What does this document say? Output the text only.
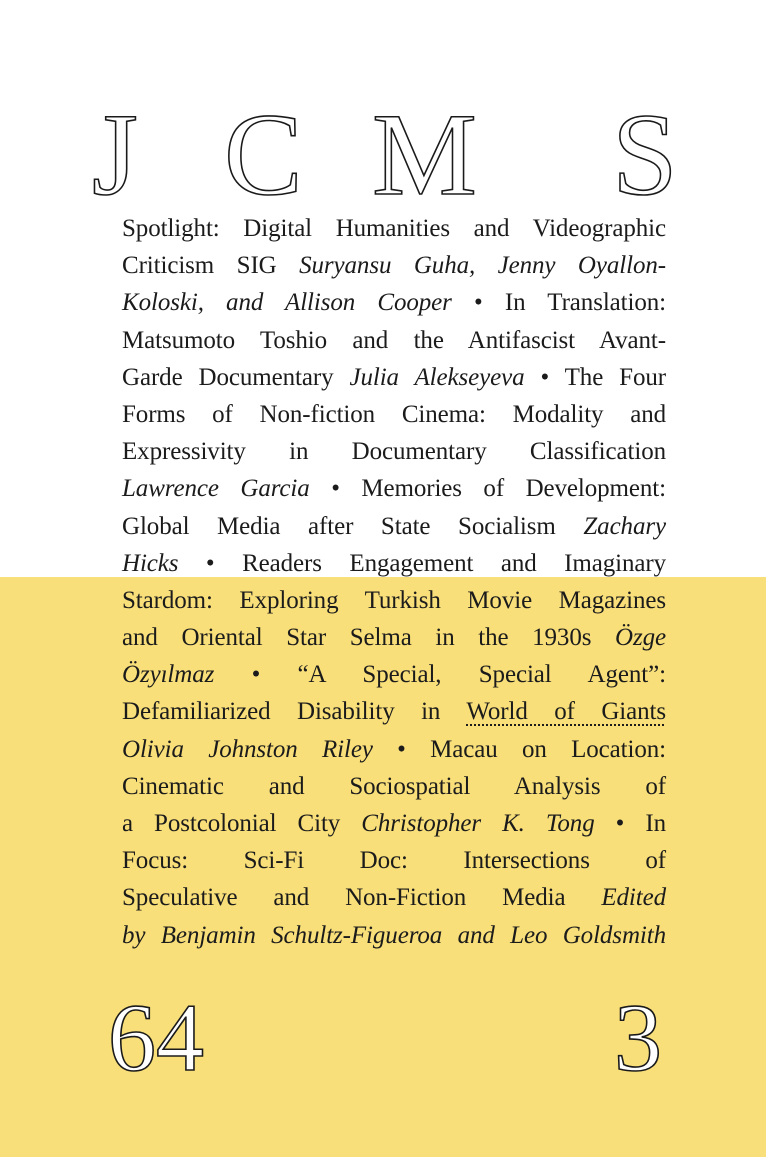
J C M S
Spotlight: Digital Humanities and Videographic
Criticism SIG Suryansu Guha, Jenny Oyallon-
Koloski, and Allison Cooper • In Translation:
Matsumoto Toshio and the Antifascist Avant-
Garde Documentary Julia Alekseyeva • The Four
Forms of Non-fiction Cinema: Modality and
Expressivity in Documentary Classification
Lawrence Garcia • Memories of Development:
Global Media after State Socialism Zachary
Hicks • Readers Engagement and Imaginary
Stardom: Exploring Turkish Movie Magazines
and Oriental Star Selma in the 1930s Özge
Özyılmaz • “A Special, Special Agent”:
Defamiliarized Disability in World of Giants
Olivia Johnston Riley • Macau on Location:
Cinematic and Sociospatial Analysis of
a Postcolonial City Christopher K. Tong • In
Focus: Sci-Fi Doc: Intersections of
Speculative and Non-Fiction Media Edited
by Benjamin Schultz-Figueroa and Leo Goldsmith
64	3
